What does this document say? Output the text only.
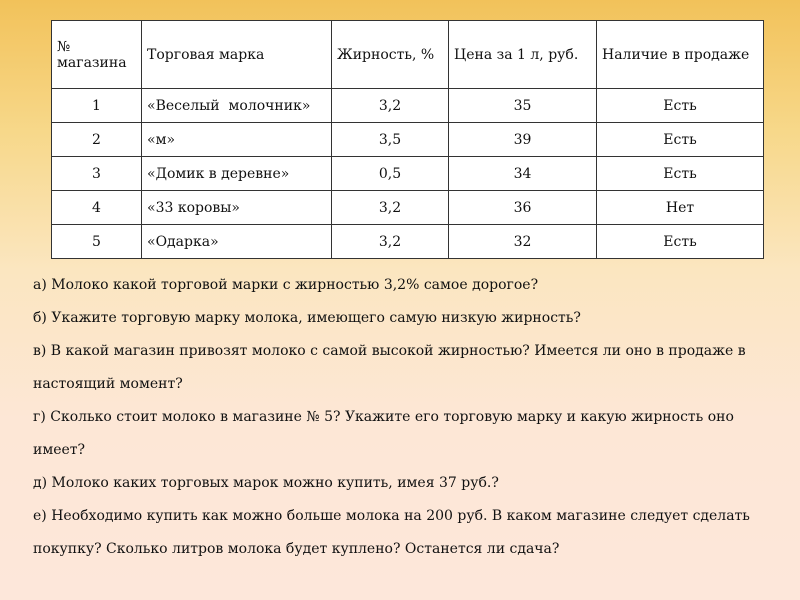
№ магазина	Торговая марка	Жирность, %	Цена за 1 л, руб.	Наличие в продаже
1	«Веселый  молочник»	3,2	35	Есть
2	«м»	3,5	39	Есть
3	«Домик в деревне»	0,5	34	Есть
4	«33 коровы»	3,2	36	Нет
5	«Одарка»	3,2	32	Есть

а) Молоко какой торговой марки с жирностью 3,2% самое дорогое?

б) Укажите торговую марку молока, имеющего самую низкую жирность?

в) В какой магазин привозят молоко с самой высокой жирностью? Имеется ли оно в продаже в настоящий момент?

г) Сколько стоит молоко в магазине № 5? Укажите его торговую марку и какую жирность оно имеет?

д) Молоко каких торговых марок можно купить, имея 37 руб.?

е) Необходимо купить как можно больше молока на 200 руб. В каком магазине следует сделать покупку? Сколько литров молока будет куплено? Останется ли сдача?
